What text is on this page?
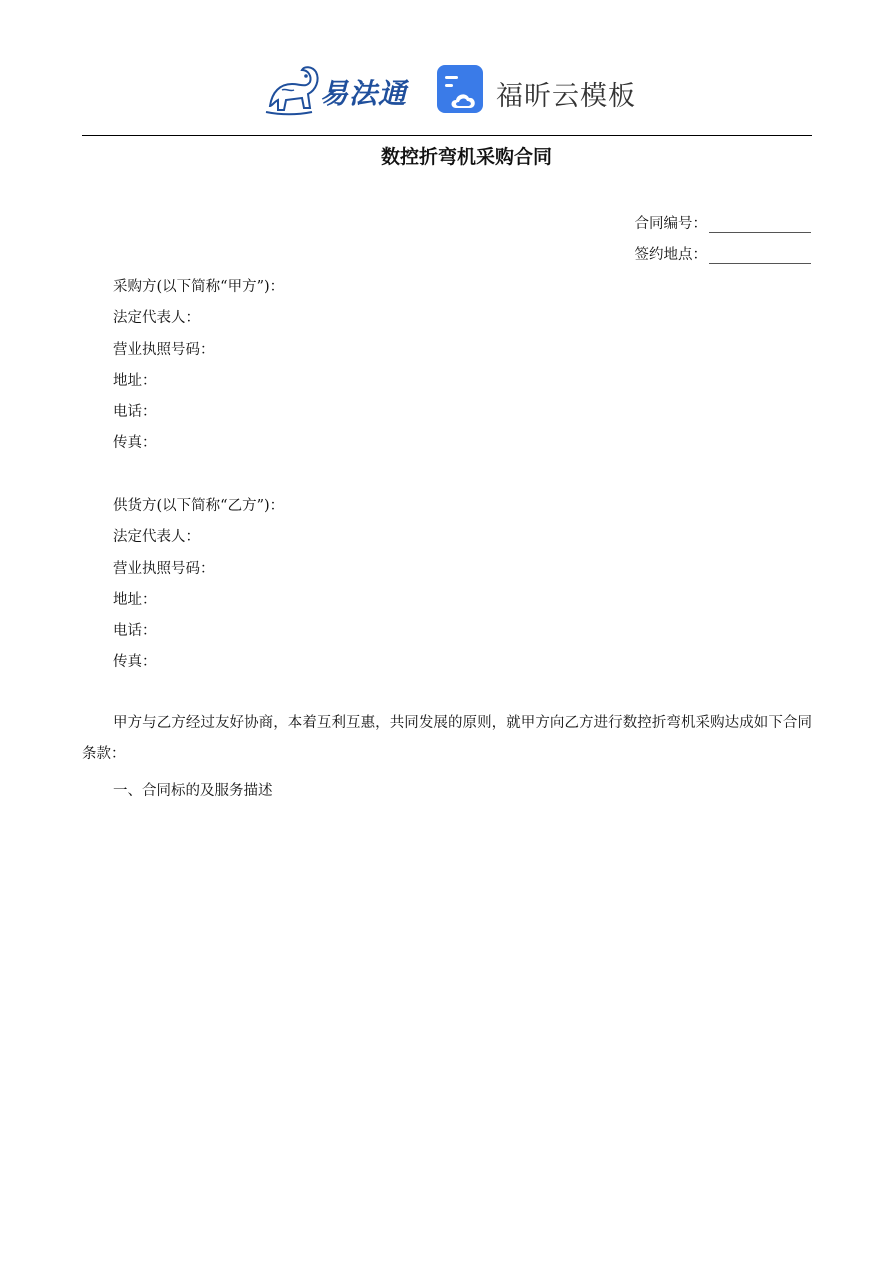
易法通	福昕云模板
数控折弯机采购合同
合同编号：
签约地点：
采购方(以下简称“甲方”)：
法定代表人：
营业执照号码：
地址：
电话：
传真：
供货方(以下简称“乙方”)：
法定代表人：
营业执照号码：
地址：
电话：
传真：
甲方与乙方经过友好协商，本着互利互惠，共同发展的原则，就甲方向乙方进行数控折弯机采购达成如下合同条款：
一、合同标的及服务描述
